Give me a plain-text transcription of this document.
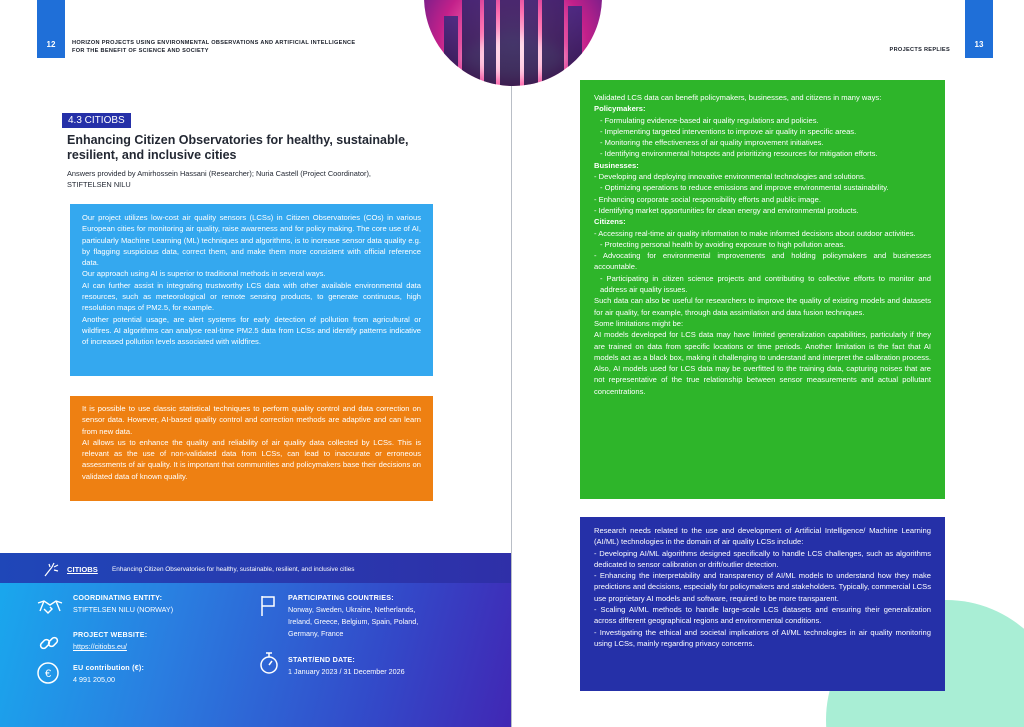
12	13
HORIZON PROJECTS USING ENVIRONMENTAL OBSERVATIONS AND ARTIFICIAL INTELLIGENCE
FOR THE BENEFIT OF SCIENCE AND SOCIETY	PROJECTS REPLIES
4.3 CITIOBS
Enhancing Citizen Observatories for healthy, sustainable, resilient, and inclusive cities
Answers provided by Amirhossein Hassani (Researcher); Nuria Castell (Project Coordinator),
STIFTELSEN NILU

Our project utilizes low-cost air quality sensors (LCSs) in Citizen Observatories (COs) in various European cities for monitoring air quality, raise awareness and for policy making. The core use of AI, particularly Machine Learning (ML) techniques and algorithms, is to increase sensor data quality e.g. by flagging suspicious data, correct them, and make them more consistent with official reference data.

Our approach using AI is superior to traditional methods in several ways.

AI can further assist in integrating trustworthy LCS data with other available environmental data resources, such as meteorological or remote sensing products, to generate continuous, high resolution maps of PM2.5, for example.

Another potential usage, are alert systems for early detection of pollution from agricultural or wildfires. AI algorithms can analyse real-time PM2.5 data from LCSs and identify patterns indicative of increased pollution levels associated with wildfires.

It is possible to use classic statistical techniques to perform quality control and data correction on sensor data. However, AI-based quality control and correction methods are adaptive and can learn from new data.

AI allows us to enhance the quality and reliability of air quality data collected by LCSs. This is relevant as the use of non-validated data from LCSs, can lead to inaccurate or erroneous assessments of air quality. It is important that communities and policymakers base their decisions on validated data of known quality.

CITIOBS Enhancing Citizen Observatories for healthy, sustainable, resilient, and inclusive cities
COORDINATING ENTITY:
STIFTELSEN NILU (NORWAY)
PROJECT WEBSITE:
https://citiobs.eu/
€
EU contribution (€):
4 991 205,00
PARTICIPATING COUNTRIES:
Norway, Sweden, Ukraine, Netherlands,
Ireland, Greece, Belgium, Spain, Poland,
Germany, France
START/END DATE:
1 January 2023 / 31 December 2026

Validated LCS data can benefit policymakers, businesses, and citizens in many ways:

Policymakers:

- Formulating evidence-based air quality regulations and policies.

- Implementing targeted interventions to improve air quality in specific areas.

- Monitoring the effectiveness of air quality improvement initiatives.

- Identifying environmental hotspots and prioritizing resources for mitigation efforts.

Businesses:

- Developing and deploying innovative environmental technologies and solutions.

- Optimizing operations to reduce emissions and improve environmental sustainability.

- Enhancing corporate social responsibility efforts and public image.

- Identifying market opportunities for clean energy and environmental products.

Citizens:

- Accessing real-time air quality information to make informed decisions about outdoor activities.

- Protecting personal health by avoiding exposure to high pollution areas.

- Advocating for environmental improvements and holding policymakers and businesses accountable.

- Participating in citizen science projects and contributing to collective efforts to monitor and address air quality issues.

Such data can also be useful for researchers to improve the quality of existing models and datasets for air quality, for example, through data assimilation and data fusion techniques.

Some limitations might be:

AI models developed for LCS data may have limited generalization capabilities, particularly if they are trained on data from specific locations or time periods. Another limitation is the fact that AI models act as a black box, making it challenging to understand and interpret the calibration process. Also, AI models used for LCS data may be overfitted to the training data, capturing noises that are not representative of the true relationship between sensor measurements and actual pollutant concentrations.

Research needs related to the use and development of Artificial Intelligence/ Machine Learning (AI/ML) technologies in the domain of air quality LCSs include:

- Developing AI/ML algorithms designed specifically to handle LCS challenges, such as algorithms dedicated to sensor calibration or drift/outlier detection.

- Enhancing the interpretability and transparency of AI/ML models to understand how they make predictions and decisions, especially for policymakers and stakeholders. Typically, commercial LCSs use proprietary AI models and software, required to be more transparent.

- Scaling AI/ML methods to handle large-scale LCS datasets and ensuring their generalization across different geographical regions and environmental conditions.

- Investigating the ethical and societal implications of AI/ML technologies in air quality monitoring using LCSs, mainly regarding privacy concerns.
